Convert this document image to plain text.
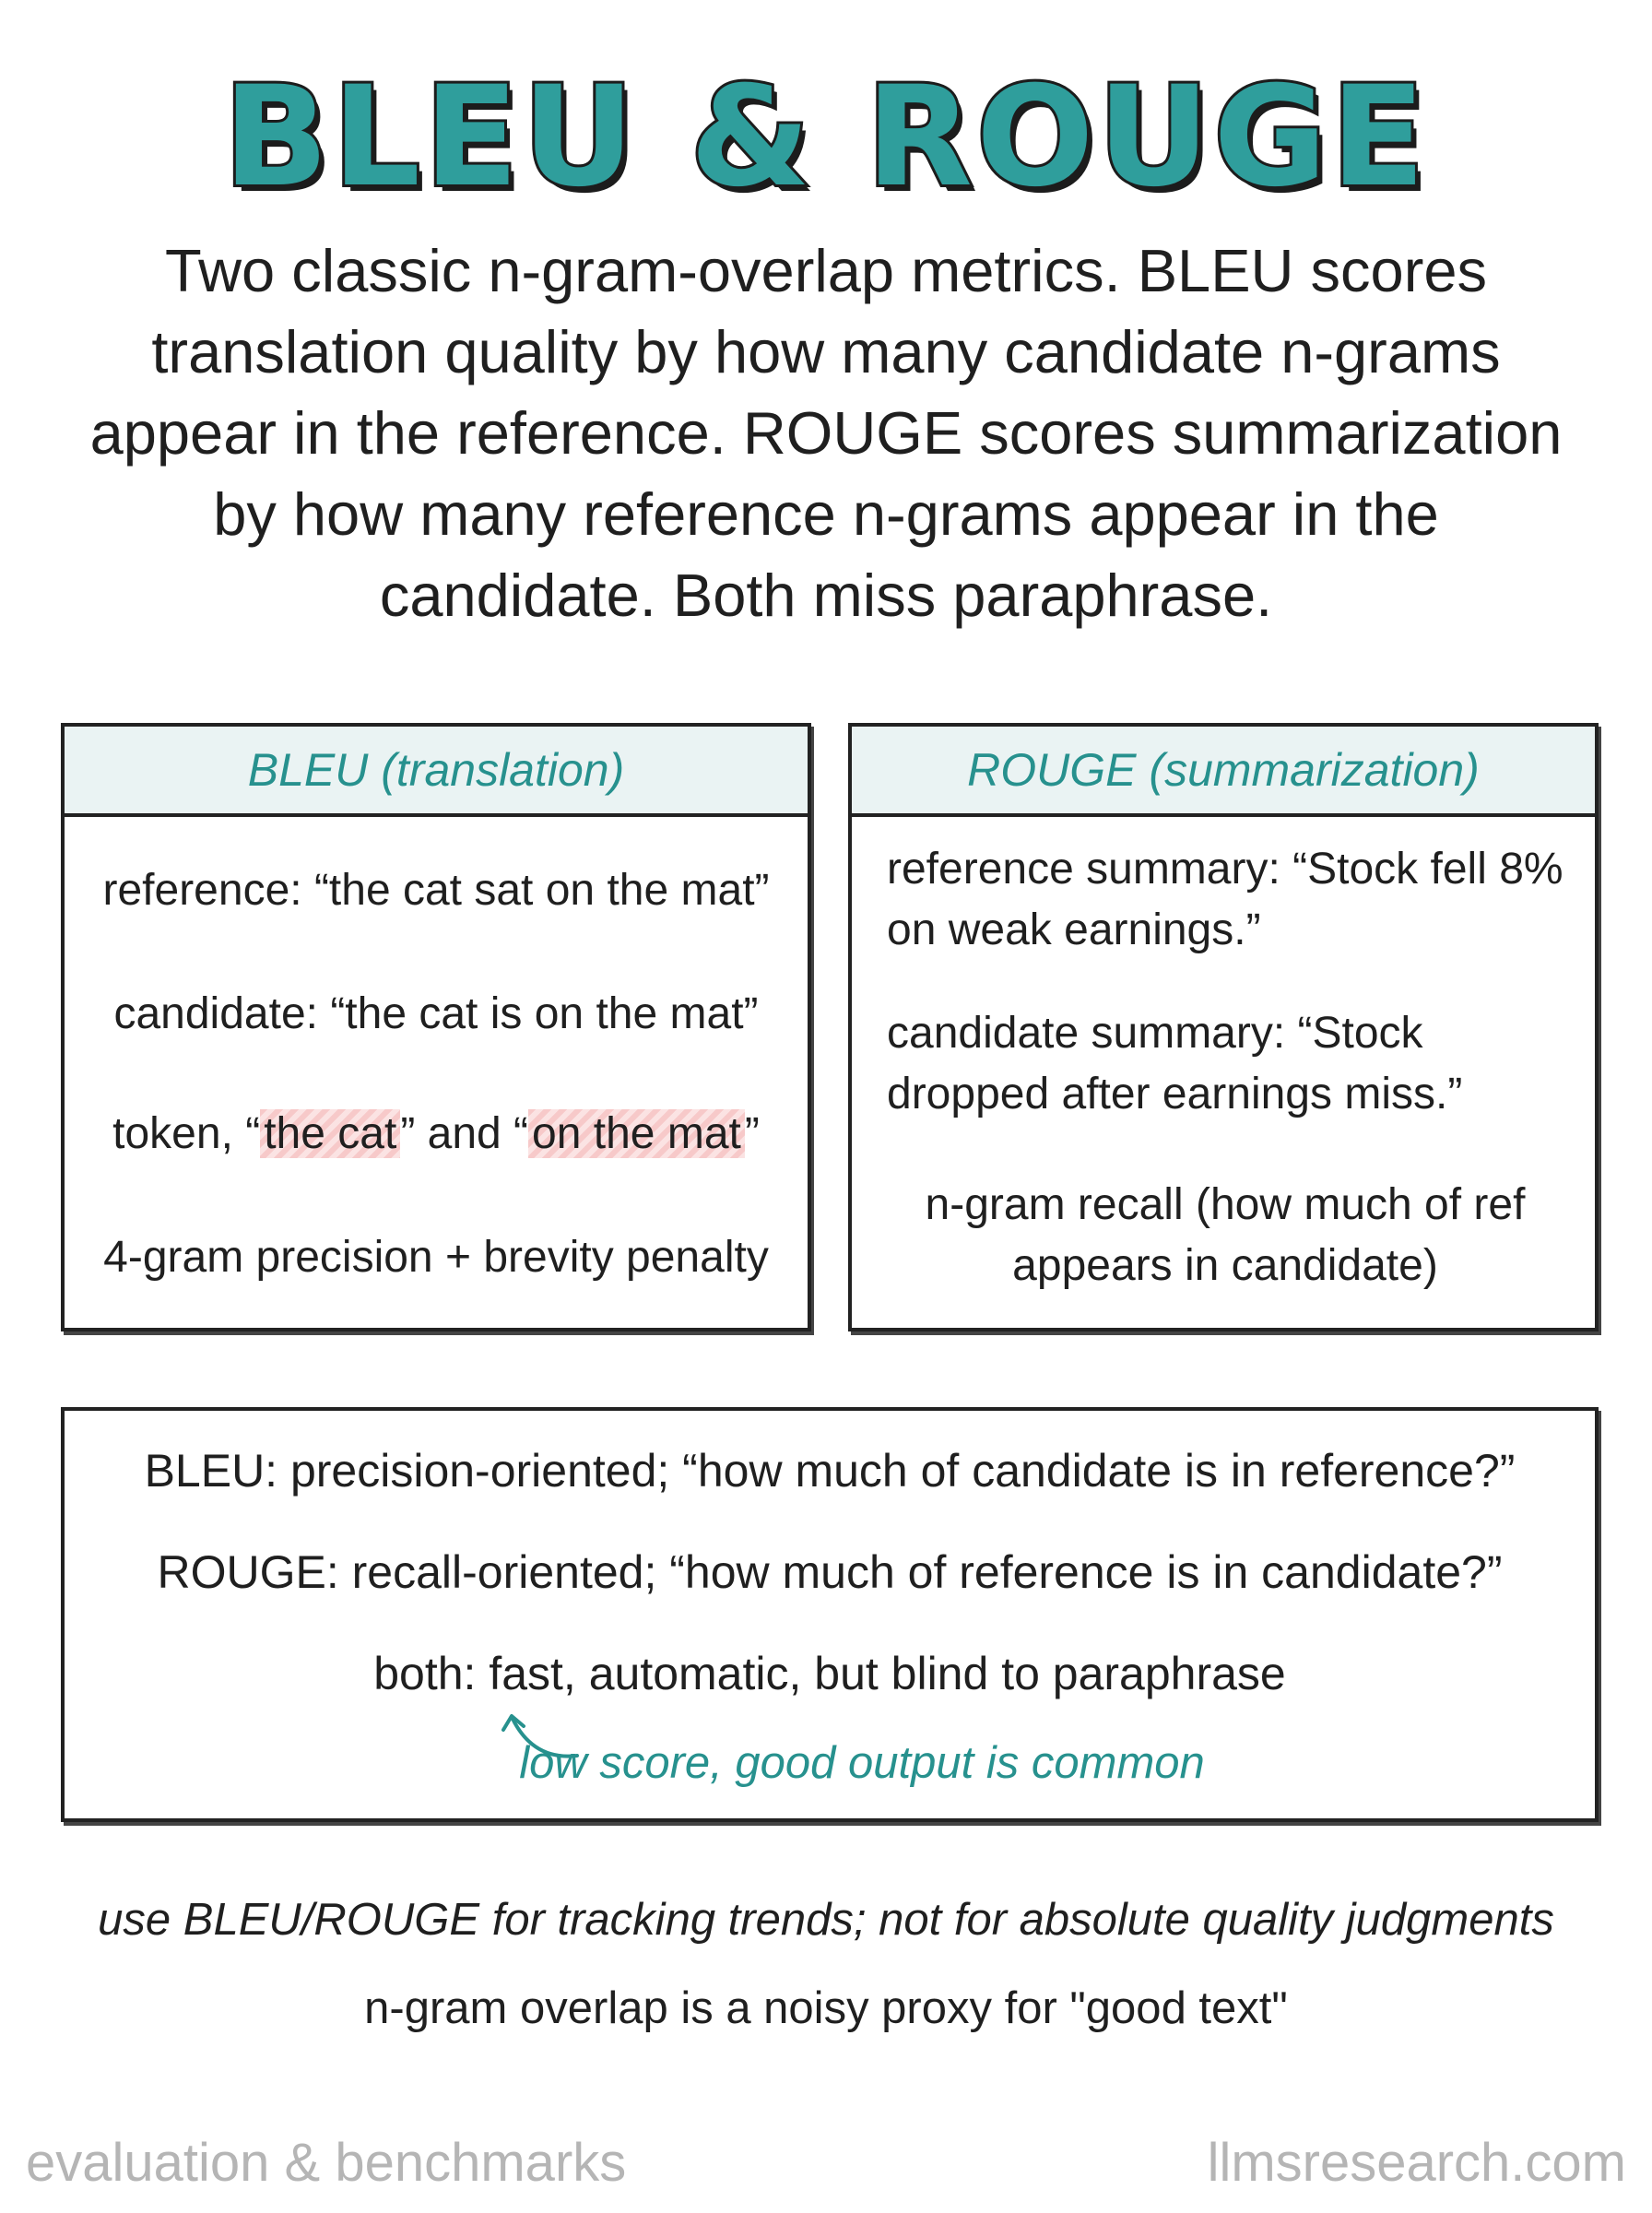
BLEU & ROUGE
Two classic n-gram-overlap metrics. BLEU scores translation quality by how many candidate n-grams appear in the reference. ROUGE scores summarization by how many reference n-grams appear in the candidate. Both miss paraphrase.
BLEU (translation)
reference: “the cat sat on the mat”
candidate: “the cat is on the mat”
token, “the cat” and “on the mat”
4-gram precision + brevity penalty
ROUGE (summarization)
reference summary: “Stock fell 8% on weak earnings.”
candidate summary: “Stock dropped after earnings miss.”
n-gram recall (how much of ref appears in candidate)
BLEU: precision-oriented; “how much of candidate is in reference?”
ROUGE: recall-oriented; “how much of reference is in candidate?”
both: fast, automatic, but blind to paraphrase
low score, good output is common
use BLEU/ROUGE for tracking trends; not for absolute quality judgments
n-gram overlap is a noisy proxy for "good text"
evaluation & benchmarks	llmsresearch.com
